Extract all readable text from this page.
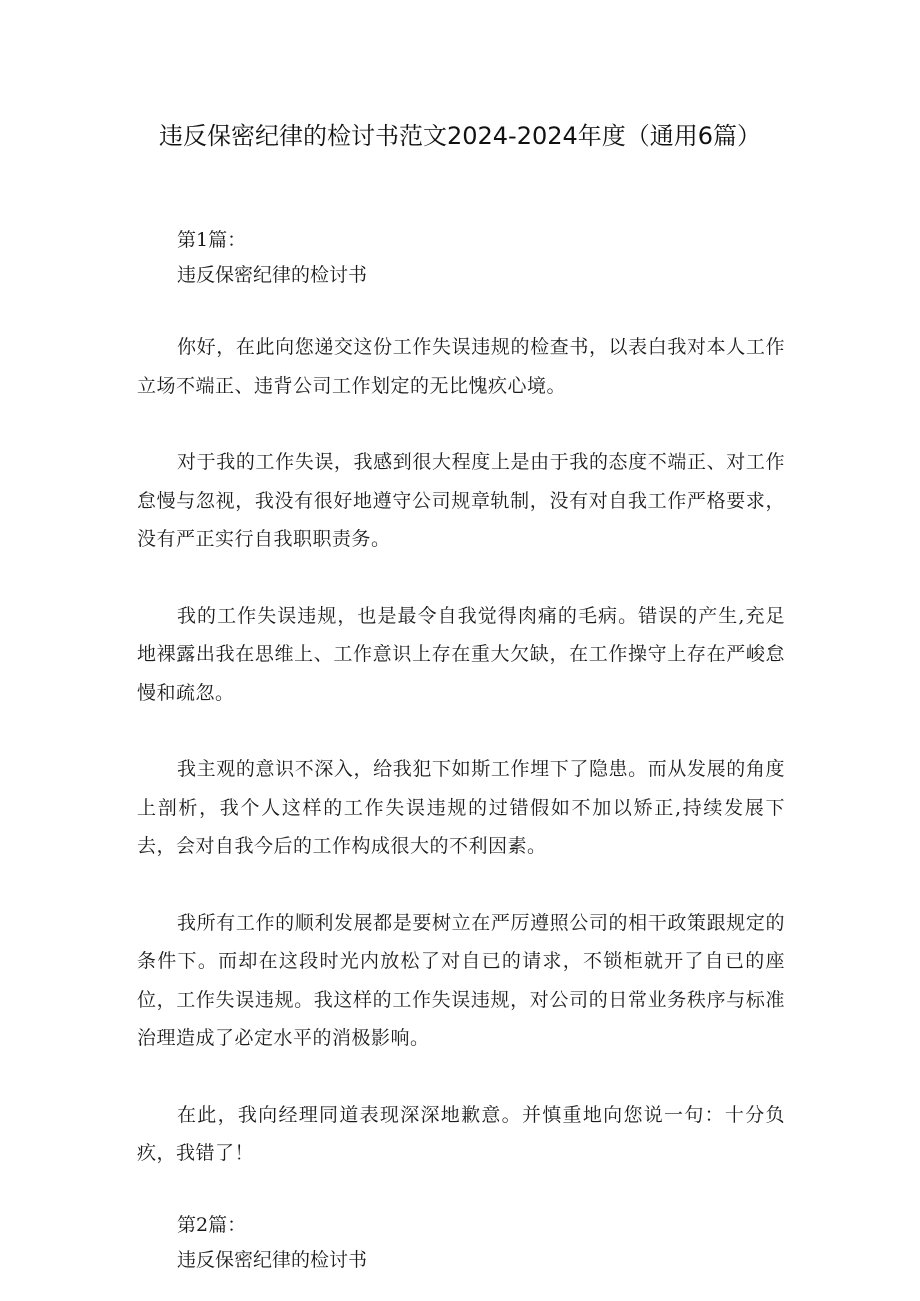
违反保密纪律的检讨书范文2024-2024年度（通用6篇）
第1篇：
违反保密纪律的检讨书

你好，在此向您递交这份工作失误违规的检查书，以表白我对本人工作立场不端正、违背公司工作划定的无比愧疚心境。

对于我的工作失误，我感到很大程度上是由于我的态度不端正、对工作怠慢与忽视，我没有很好地遵守公司规章轨制，没有对自我工作严格要求，没有严正实行自我职职责务。

我的工作失误违规，也是最令自我觉得肉痛的毛病。错误的产生,充足地裸露出我在思维上、工作意识上存在重大欠缺，在工作操守上存在严峻怠慢和疏忽。

我主观的意识不深入，给我犯下如斯工作埋下了隐患。而从发展的角度上剖析，我个人这样的工作失误违规的过错假如不加以矫正,持续发展下去，会对自我今后的工作构成很大的不利因素。

我所有工作的顺利发展都是要树立在严厉遵照公司的相干政策跟规定的条件下。而却在这段时光内放松了对自已的请求，不锁柜就开了自已的座位，工作失误违规。我这样的工作失误违规，对公司的日常业务秩序与标准治理造成了必定水平的消极影响。

在此，我向经理同道表现深深地歉意。并慎重地向您说一句：十分负疚，我错了！

第2篇：
违反保密纪律的检讨书
